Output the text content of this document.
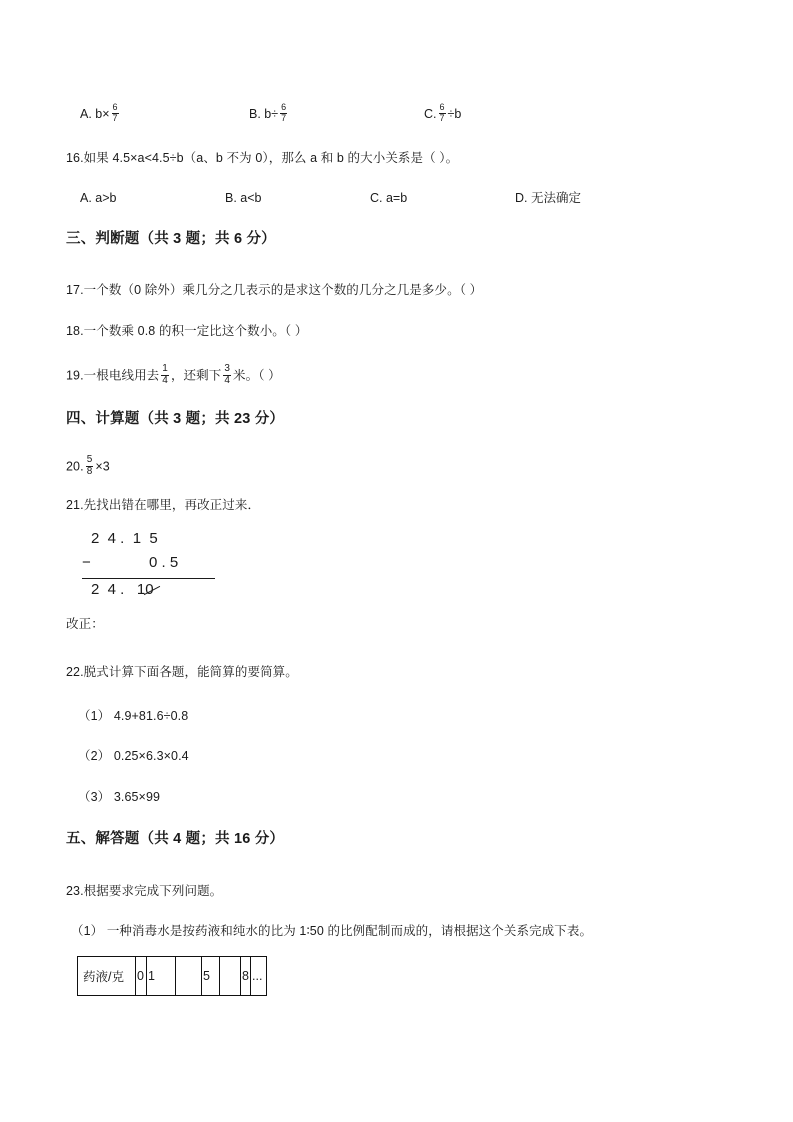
A. $b\times \frac{6}{7}$	B. $b\div \frac{6}{7}$	C. $\frac{6}{7} \div b$
16.如果 4.5×a<4.5÷b（a、b 不为 0），那么 a 和 b 的大小关系是（ ）。
A. a>b	B. a<b	C. a=b	D. 无法确定
三、判断题（共 3 题；共 6 分）
17.一个数（0 除外）乘几分之几表示的是求这个数的几分之几是多少。（ ）
18.一个数乘 0.8 的积一定比这个数小。（ ）
19.一根电线用去 $\frac{1}{4}$ ，还剩下 $\frac{3}{4}$ 米。（ ）
四、计算题（共 3 题；共 23 分）
20. $\frac{5}{8} \times 3$
21.先找出错在哪里，再改正过来．
2  4 .  1  5

−

	0 . 5

2  4 .   10
改正：
22.脱式计算下面各题，能简算的要简算。
（1） 4.9+81.6÷0.8
（2） 0.25×6.3×0.4
（3） 3.65×99
五、解答题（共 4 题；共 16 分）
23.根据要求完成下列问题。
（1） 一种消毒水是按药液和纯水的比为 1∶50 的比例配制而成的，请根据这个关系完成下表。
药液/克	0	1		5		8	...
